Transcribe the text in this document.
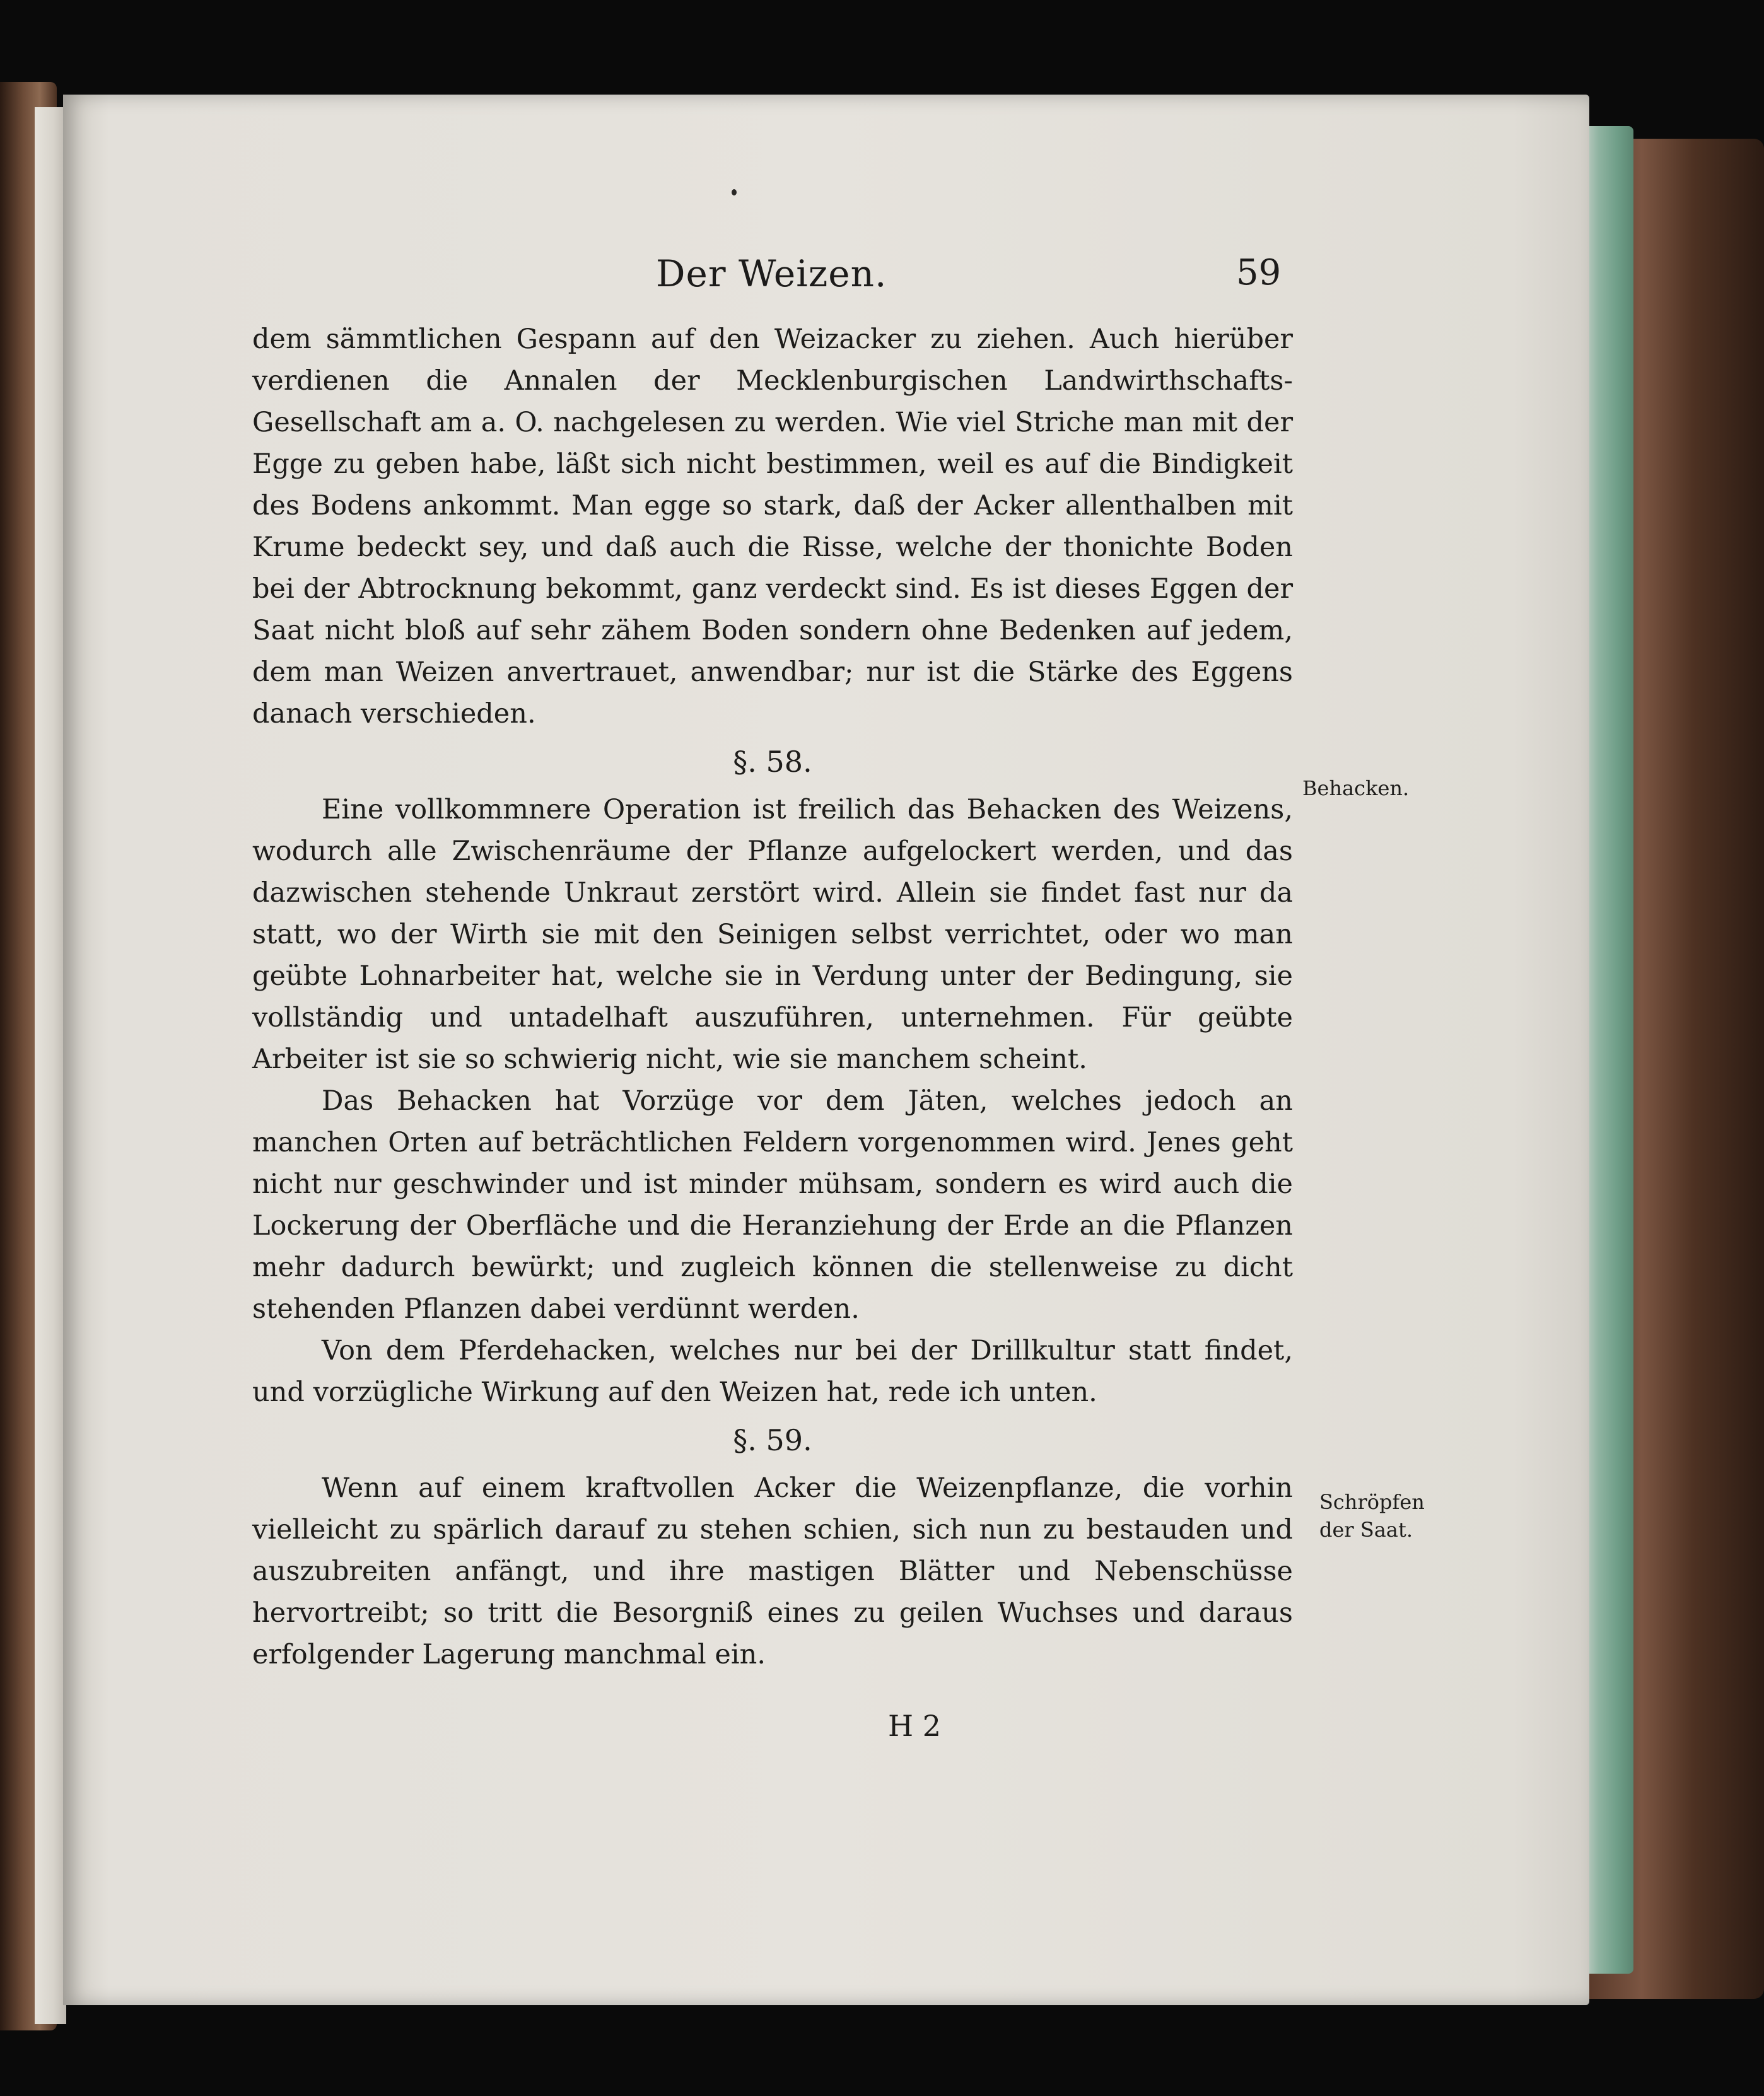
Der Weizen.	59

dem sämmtlichen Gespann auf den Weizacker zu ziehen. Auch hierüber verdienen die Annalen der Mecklenburgischen Landwirthschafts-Gesellschaft am a. O. nachgelesen zu werden. Wie viel Striche man mit der Egge zu geben habe, läßt sich nicht bestimmen, weil es auf die Bindigkeit des Bodens ankommt. Man egge so stark, daß der Acker allenthalben mit Krume bedeckt sey, und daß auch die Risse, welche der thonichte Boden bei der Abtrocknung bekommt, ganz verdeckt sind. Es ist dieses Eggen der Saat nicht bloß auf sehr zähem Boden sondern ohne Bedenken auf jedem, dem man Weizen anvertrauet, anwendbar; nur ist die Stärke des Eggens danach verschieden.

§. 58.

Eine vollkommnere Operation ist freilich das Behacken des Weizens, wodurch alle Zwischenräume der Pflanze aufgelockert werden, und das dazwischen stehende Unkraut zerstört wird. Allein sie findet fast nur da statt, wo der Wirth sie mit den Seinigen selbst verrichtet, oder wo man geübte Lohnarbeiter hat, welche sie in Verdung unter der Bedingung, sie vollständig und untadelhaft auszuführen, unternehmen. Für geübte Arbeiter ist sie so schwierig nicht, wie sie manchem scheint.

Das Behacken hat Vorzüge vor dem Jäten, welches jedoch an manchen Orten auf beträchtlichen Feldern vorgenommen wird. Jenes geht nicht nur geschwinder und ist minder mühsam, sondern es wird auch die Lockerung der Oberfläche und die Heranziehung der Erde an die Pflanzen mehr dadurch bewürkt; und zugleich können die stellenweise zu dicht stehenden Pflanzen dabei verdünnt werden.

Von dem Pferdehacken, welches nur bei der Drillkultur statt findet, und vorzügliche Wirkung auf den Weizen hat, rede ich unten.

§. 59.

Wenn auf einem kraftvollen Acker die Weizenpflanze, die vorhin vielleicht zu spärlich darauf zu stehen schien, sich nun zu bestauden und auszubreiten anfängt, und ihre mastigen Blätter und Nebenschüsse hervortreibt; so tritt die Besorgniß eines zu geilen Wuchses und daraus erfolgender Lagerung manchmal ein.

Behacken.
Schröpfen der Saat.
H 2
